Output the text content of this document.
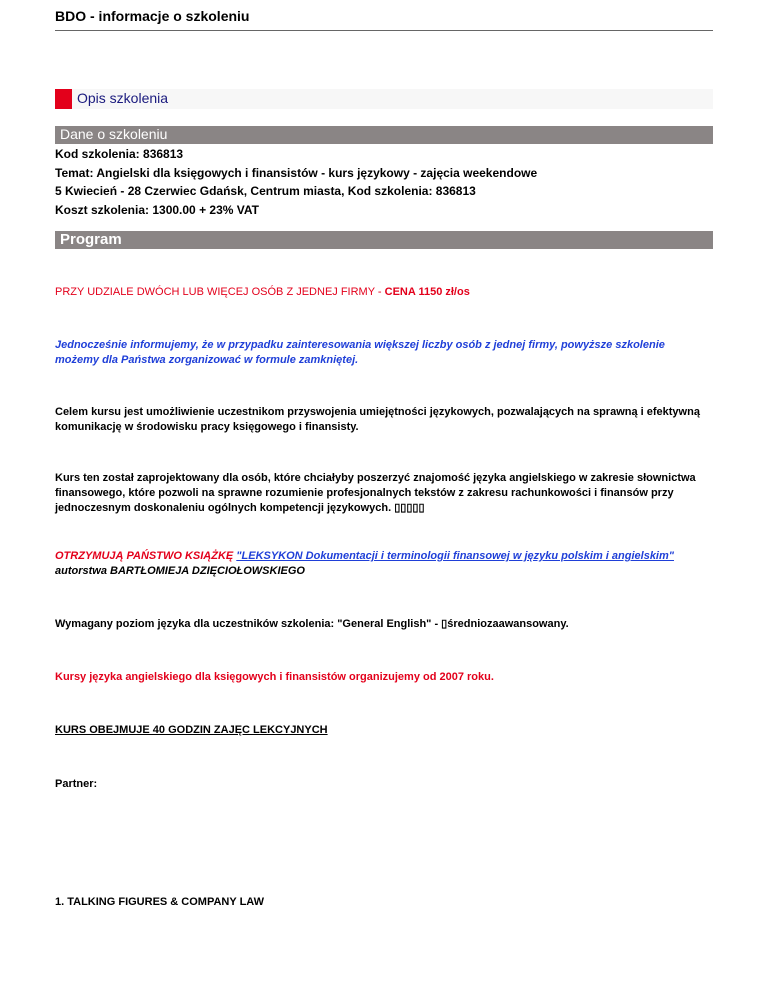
BDO - informacje o szkoleniu
Opis szkolenia
Dane o szkoleniu
Kod szkolenia: 836813
Temat: Angielski dla księgowych i finansistów - kurs językowy - zajęcia weekendowe
5 Kwiecień - 28 Czerwiec Gdańsk, Centrum miasta, Kod szkolenia: 836813
Koszt szkolenia: 1300.00 + 23% VAT
Program
PRZY UDZIALE DWÓCH LUB WIĘCEJ OSÓB Z JEDNEJ FIRMY - CENA 1150 zł/os
Jednocześnie informujemy, że w przypadku zainteresowania większej liczby osób z jednej firmy, powyższe szkolenie możemy dla Państwa zorganizować w formule zamkniętej.
Celem kursu jest umożliwienie uczestnikom przyswojenia umiejętności językowych, pozwalających na sprawną i efektywną komunikację w środowisku pracy księgowego i finansisty.
Kurs ten został zaprojektowany dla osób, które chciałyby poszerzyć znajomość języka angielskiego w zakresie słownictwa finansowego, które pozwoli na sprawne rozumienie profesjonalnych tekstów z zakresu rachunkowości i finansów przy jednoczesnym doskonaleniu ogólnych kompetencji językowych. ▯▯▯▯▯
OTRZYMUJĄ PAŃSTWO KSIĄŻKĘ "LEKSYKON Dokumentacji i terminologii finansowej w języku polskim i angielskim"
autorstwa BARTŁOMIEJA DZIĘCIOŁOWSKIEGO
Wymagany poziom języka dla uczestników szkolenia: "General English" - ▯średniozaawansowany.
Kursy języka angielskiego dla księgowych i finansistów organizujemy od 2007 roku.
KURS OBEJMUJE 40 GODZIN ZAJĘC LEKCYJNYCH
Partner:
1. TALKING FIGURES & COMPANY LAW
